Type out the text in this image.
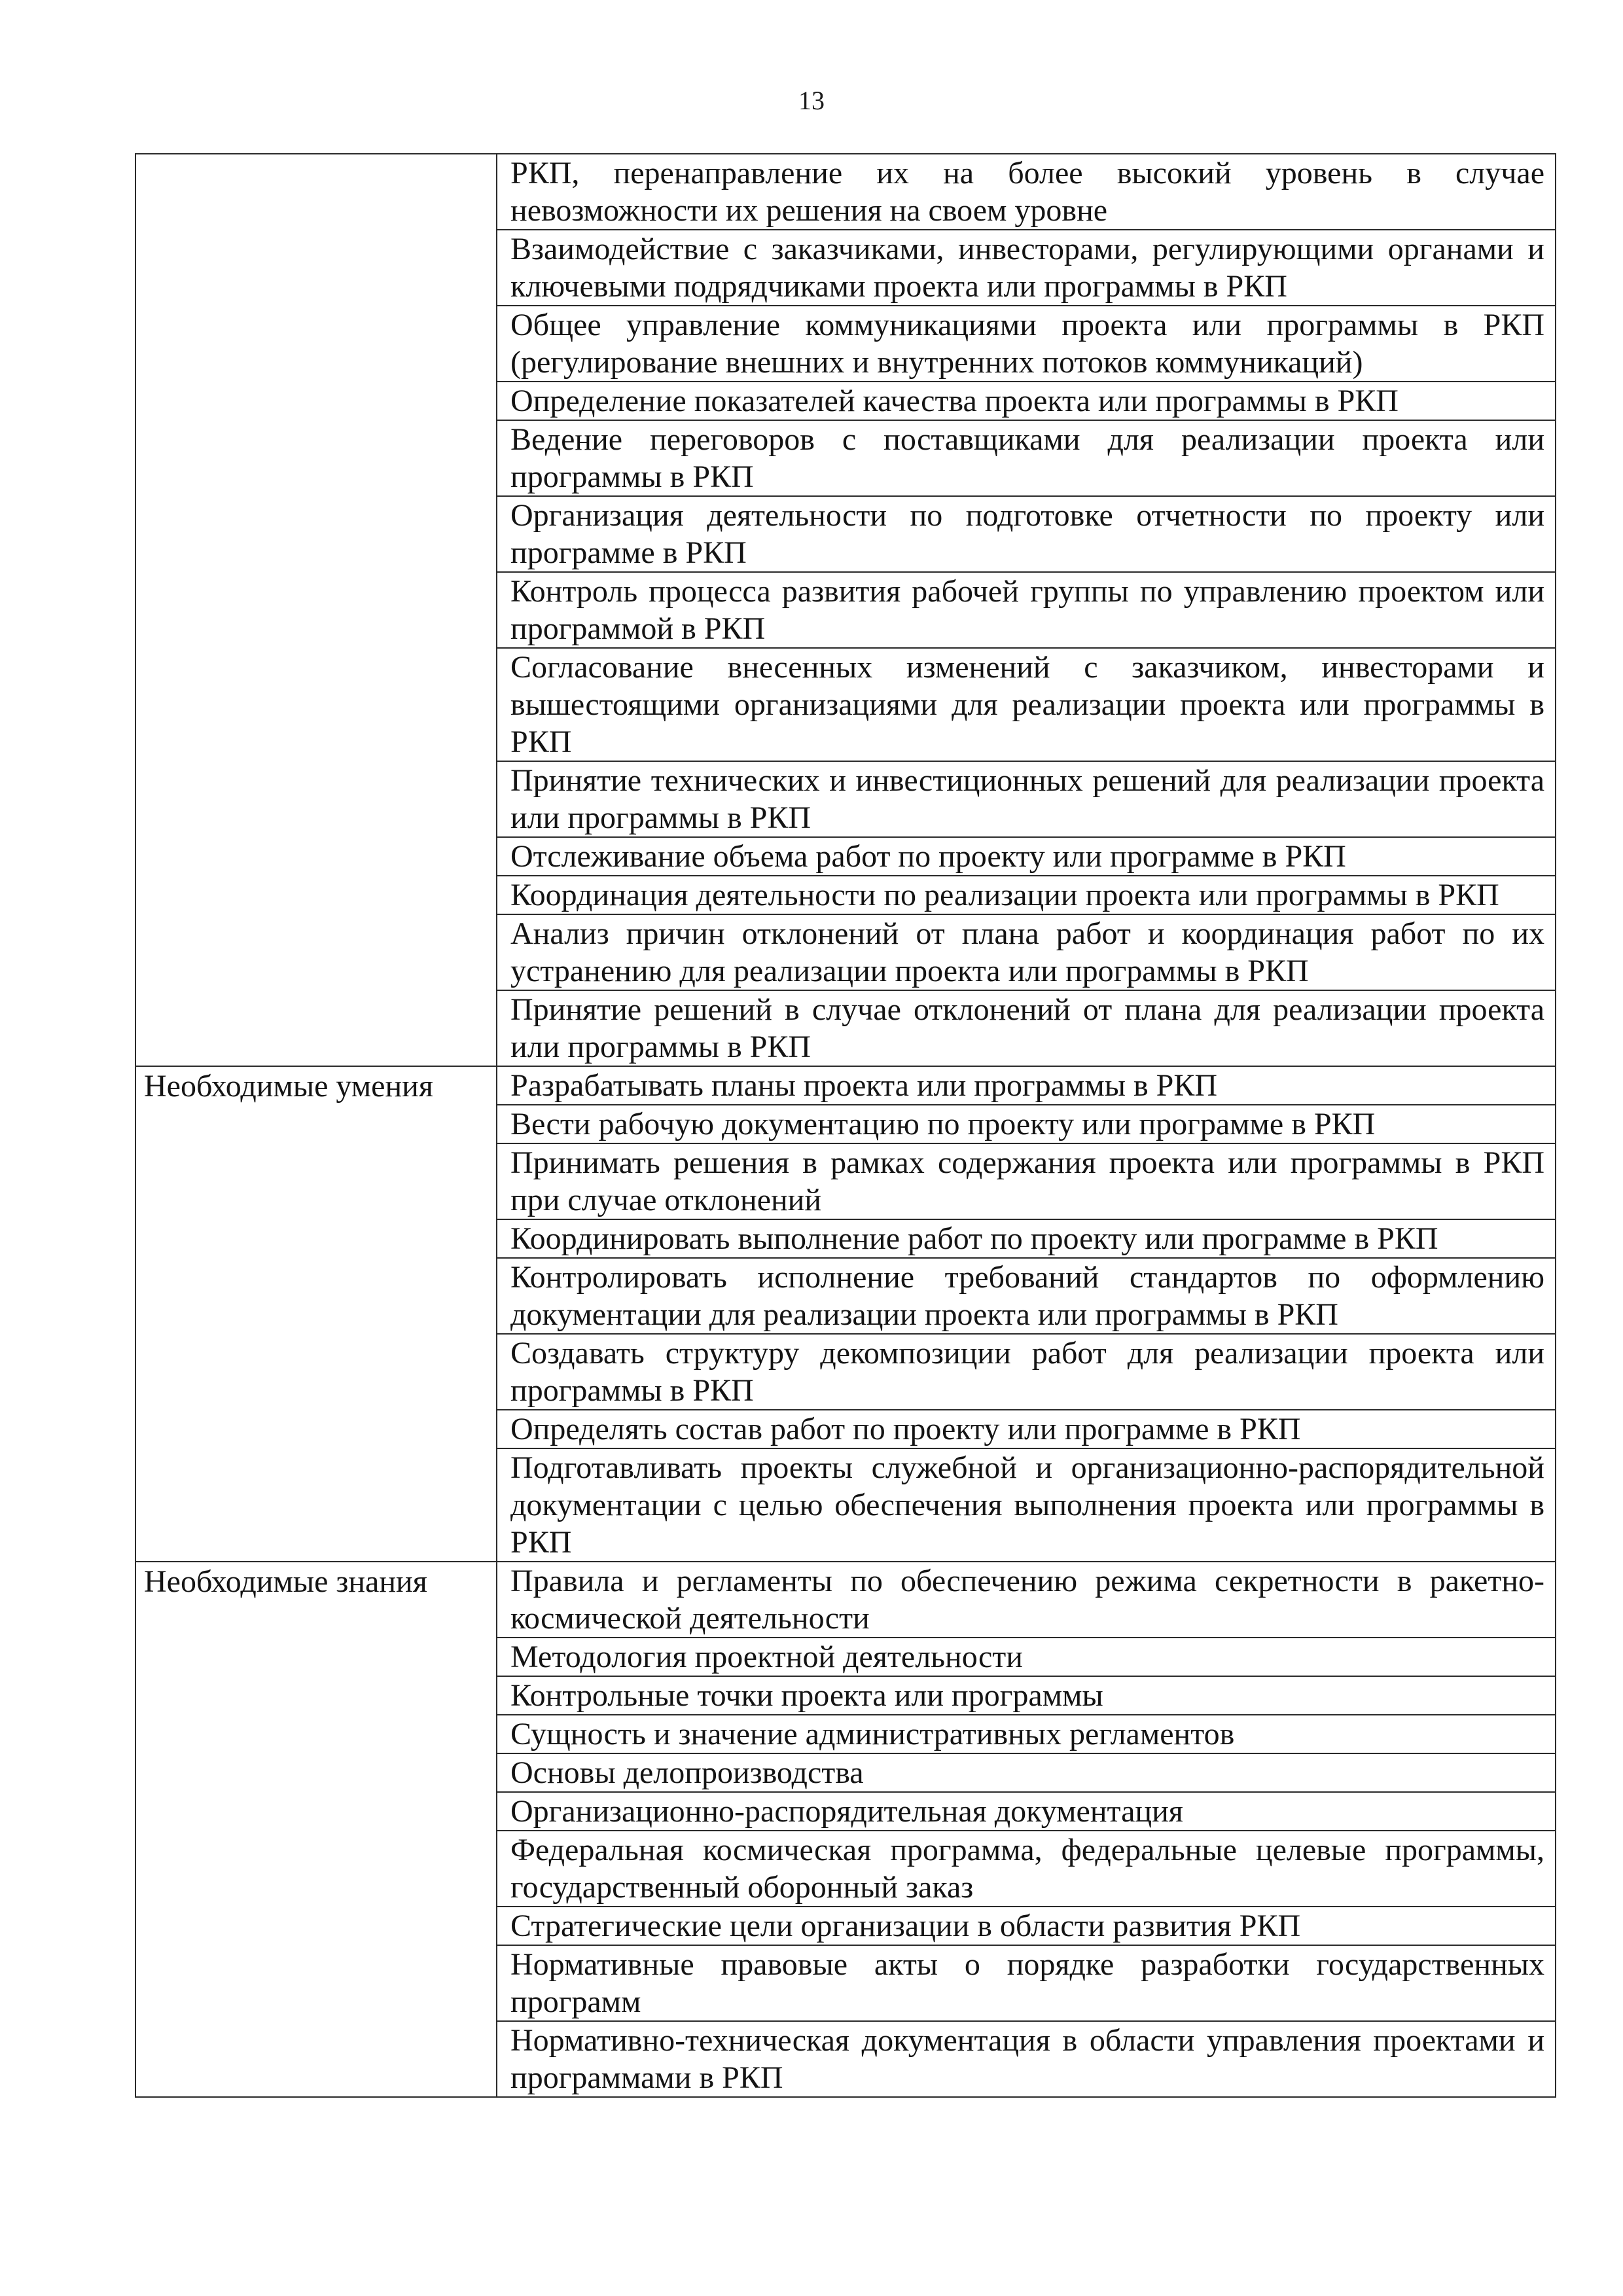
13
	РКП, перенаправление их на более высокий уровень в случае невозможности их решения на своем уровне
	Взаимодействие с заказчиками, инвесторами, регулирующими органами и ключевыми подрядчиками проекта или программы в РКП
	Общее управление коммуникациями проекта или программы в РКП (регулирование внешних и внутренних потоков коммуникаций)
	Определение показателей качества проекта или программы в РКП
	Ведение переговоров с поставщиками для реализации проекта или программы в РКП
	Организация деятельности по подготовке отчетности по проекту или программе в РКП
	Контроль процесса развития рабочей группы по управлению проектом или программой в РКП
	Согласование внесенных изменений с заказчиком, инвесторами и вышестоящими организациями для реализации проекта или программы в РКП
	Принятие технических и инвестиционных решений для реализации проекта или программы в РКП
	Отслеживание объема работ по проекту или программе в РКП
	Координация деятельности по реализации проекта или программы в РКП
	Анализ причин отклонений от плана работ и координация работ по их устранению для реализации проекта или программы в РКП
	Принятие решений в случае отклонений от плана для реализации проекта или программы в РКП
Необходимые умения	Разрабатывать планы проекта или программы в РКП
	Вести рабочую документацию по проекту или программе в РКП
	Принимать решения в рамках содержания проекта или программы в РКП при случае отклонений
	Координировать выполнение работ по проекту или программе в РКП
	Контролировать исполнение требований стандартов по оформлению документации для реализации проекта или программы в РКП
	Создавать структуру декомпозиции работ для реализации проекта или программы в РКП
	Определять состав работ по проекту или программе в РКП
	Подготавливать проекты служебной и организационно-распорядительной документации с целью обеспечения выполнения проекта или программы в РКП
Необходимые знания	Правила и регламенты по обеспечению режима секретности в ракетно-космической деятельности
	Методология проектной деятельности
	Контрольные точки проекта или программы
	Сущность и значение административных регламентов
	Основы делопроизводства
	Организационно-распорядительная документация
	Федеральная космическая программа, федеральные целевые программы, государственный оборонный заказ
	Стратегические цели организации в области развития РКП
	Нормативные правовые акты о порядке разработки государственных программ
	Нормативно-техническая документация в области управления проектами и программами в РКП
